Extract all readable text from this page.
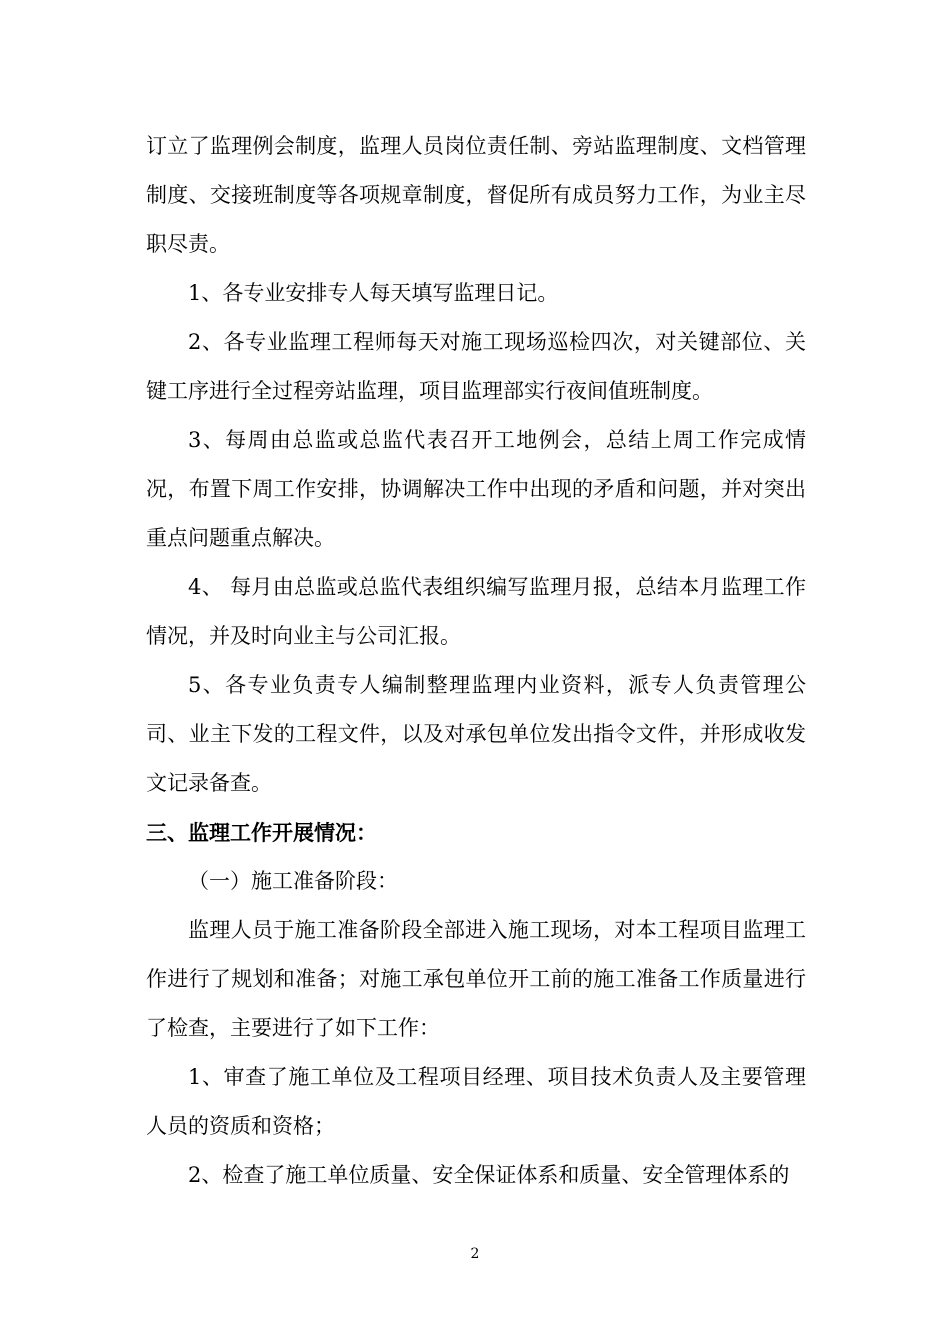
订立了监理例会制度，监理人员岗位责任制、旁站监理制度、文档管理制度、交接班制度等各项规章制度，督促所有成员努力工作，为业主尽职尽责。

1、各专业安排专人每天填写监理日记。

2、各专业监理工程师每天对施工现场巡检四次，对关键部位、关键工序进行全过程旁站监理，项目监理部实行夜间值班制度。

3、每周由总监或总监代表召开工地例会，总结上周工作完成情况，布置下周工作安排，协调解决工作中出现的矛盾和问题，并对突出重点问题重点解决。

4、 每月由总监或总监代表组织编写监理月报，总结本月监理工作情况，并及时向业主与公司汇报。

5、各专业负责专人编制整理监理内业资料，派专人负责管理公司、业主下发的工程文件，以及对承包单位发出指令文件，并形成收发文记录备查。

三、监理工作开展情况：

（一）施工准备阶段：

监理人员于施工准备阶段全部进入施工现场，对本工程项目监理工作进行了规划和准备；对施工承包单位开工前的施工准备工作质量进行了检查，主要进行了如下工作：

1、审查了施工单位及工程项目经理、项目技术负责人及主要管理人员的资质和资格；

2、检查了施工单位质量、安全保证体系和质量、安全管理体系的

2
